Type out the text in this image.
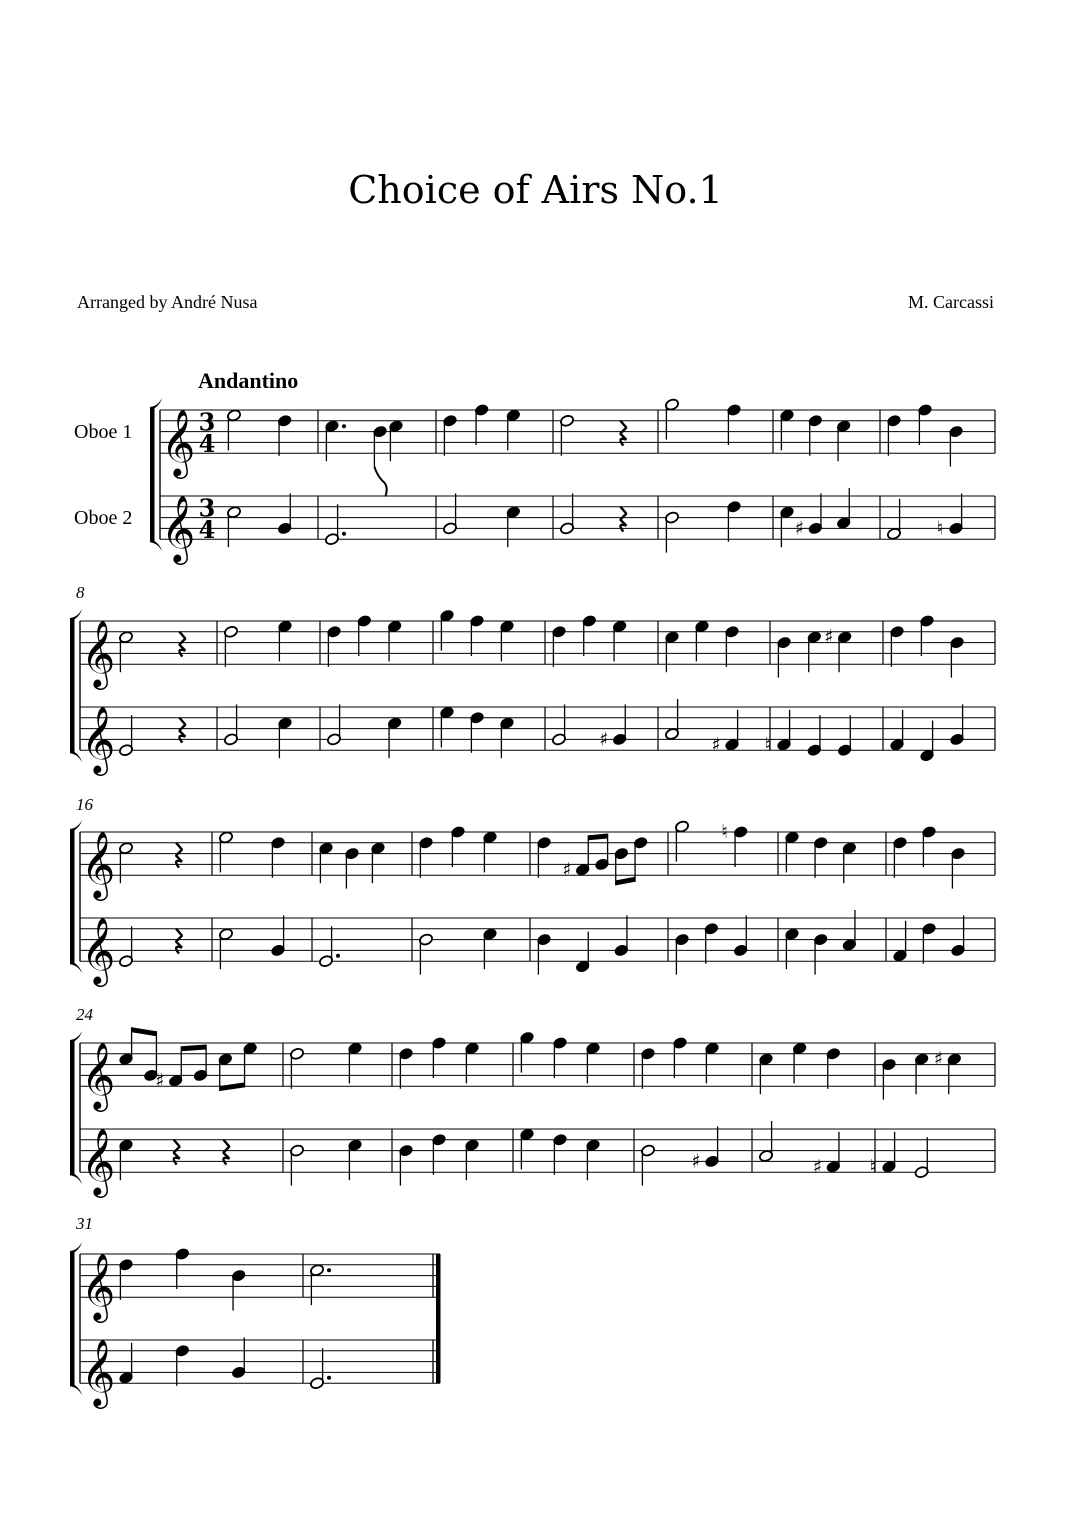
Choice of Airs No.1
Arranged by André Nusa	M. Carcassi
Andantino
Oboe 1
Oboe 2
8
16
24
31
𝄞 3
4
𝄞 3
4	♯	♮
𝄞
𝄞	♯	♯
♯
♮
𝄞
𝄞
♯
♮
𝄞
𝄞
♯
♯	♯
♯
♮
𝄞
𝄞
